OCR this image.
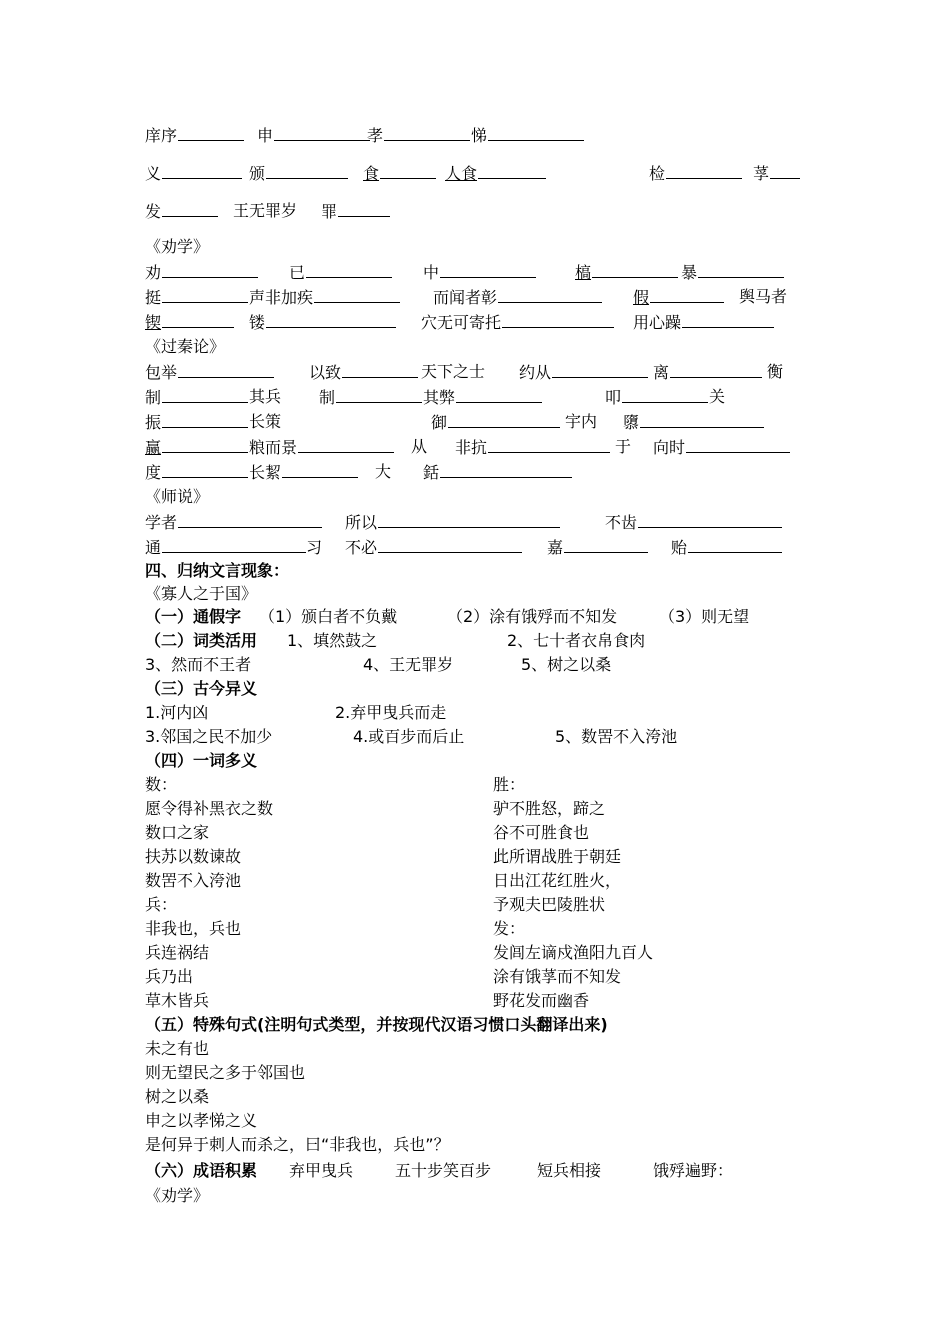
庠序	申	孝	悌
义	颁	食	人食	检	莩
发	王无罪岁 罪
《劝学》
劝	已	中	槁	暴
挺	声非加疾	而闻者彰	假	舆马者
锲	镂	穴无可寄托	用心躁
《过秦论》
包举	以致	天下之士 约从	离	衡
制	其兵 制	其弊	叩	关
振	长策	御	宇内 隳
赢	粮而景	从 非抗	于 向时
度	长絜	大 銛
《师说》
学者	所以	不齿
通	习 不必	嘉	贻
四、归纳文言现象：
《寡人之于国》
（一）通假字 （1）颁白者不负戴	（2）涂有饿殍而不知发	（3）则无望
（二）词类活用 1、填然鼓之	2、七十者衣帛食肉
3、然而不王者	4、王无罪岁	5、树之以桑
（三）古今异义
1.河内凶	2.弃甲曳兵而走
3.邻国之民不加少	4.或百步而后止	5、数罟不入洿池
（四）一词多义
数：	胜：
愿令得补黑衣之数	驴不胜怒，蹄之
数口之家	谷不可胜食也
扶苏以数谏故	此所谓战胜于朝廷
数罟不入洿池	日出江花红胜火，
兵：	予观夫巴陵胜状
非我也，兵也	发：
兵连祸结	发闾左谪戍渔阳九百人
兵乃出	涂有饿莩而不知发
草木皆兵	野花发而幽香
（五）特殊句式(注明句式类型，并按现代汉语习惯口头翻译出来)
未之有也
则无望民之多于邻国也
树之以桑
申之以孝悌之义
是何异于刺人而杀之，曰“非我也，兵也”？
（六）成语积累 弃甲曳兵	五十步笑百步	短兵相接	饿殍遍野：
《劝学》
